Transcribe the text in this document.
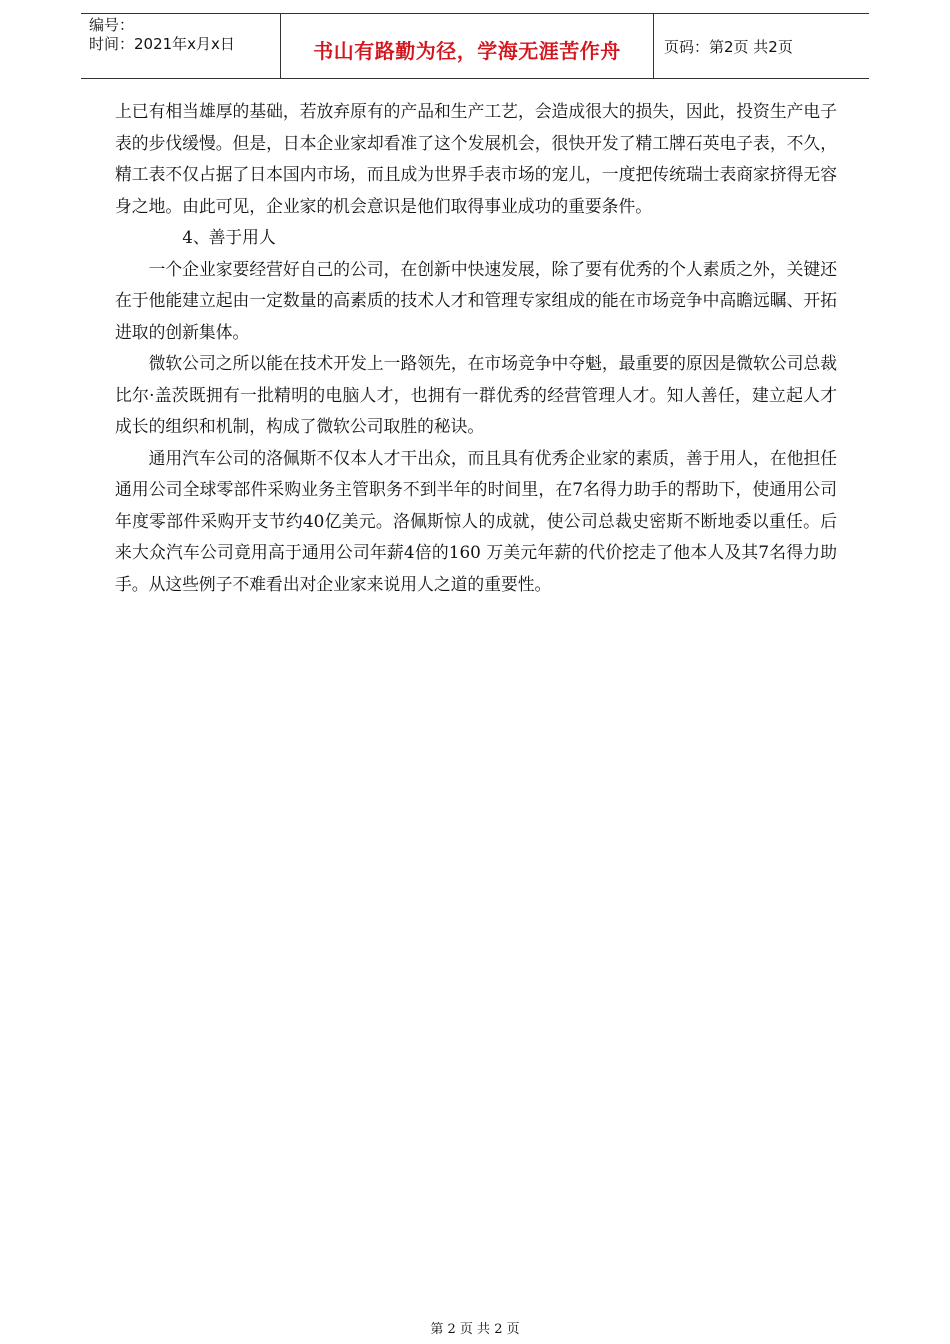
编号：
时间：2021年x月x日	书山有路勤为径，学海无涯苦作舟	页码：第2页 共2页

上已有相当雄厚的基础，若放弃原有的产品和生产工艺，会造成很大的损失，因此，投资生产电子表的步伐缓慢。但是，日本企业家却看准了这个发展机会，很快开发了精工牌石英电子表，不久，精工表不仅占据了日本国内市场，而且成为世界手表市场的宠儿，一度把传统瑞士表商家挤得无容身之地。由此可见，企业家的机会意识是他们取得事业成功的重要条件。

4、善于用人

一个企业家要经营好自己的公司，在创新中快速发展，除了要有优秀的个人素质之外，关键还在于他能建立起由一定数量的高素质的技术人才和管理专家组成的能在市场竞争中高瞻远瞩、开拓进取的创新集体。

微软公司之所以能在技术开发上一路领先，在市场竞争中夺魁，最重要的原因是微软公司总裁比尔·盖茨既拥有一批精明的电脑人才，也拥有一群优秀的经营管理人才。知人善任，建立起人才成长的组织和机制，构成了微软公司取胜的秘诀。

通用汽车公司的洛佩斯不仅本人才干出众，而且具有优秀企业家的素质，善于用人，在他担任通用公司全球零部件采购业务主管职务不到半年的时间里，在7名得力助手的帮助下，使通用公司年度零部件采购开支节约40亿美元。洛佩斯惊人的成就，使公司总裁史密斯不断地委以重任。后来大众汽车公司竟用高于通用公司年薪4倍的160 万美元年薪的代价挖走了他本人及其7名得力助手。从这些例子不难看出对企业家来说用人之道的重要性。

第 2 页 共 2 页
